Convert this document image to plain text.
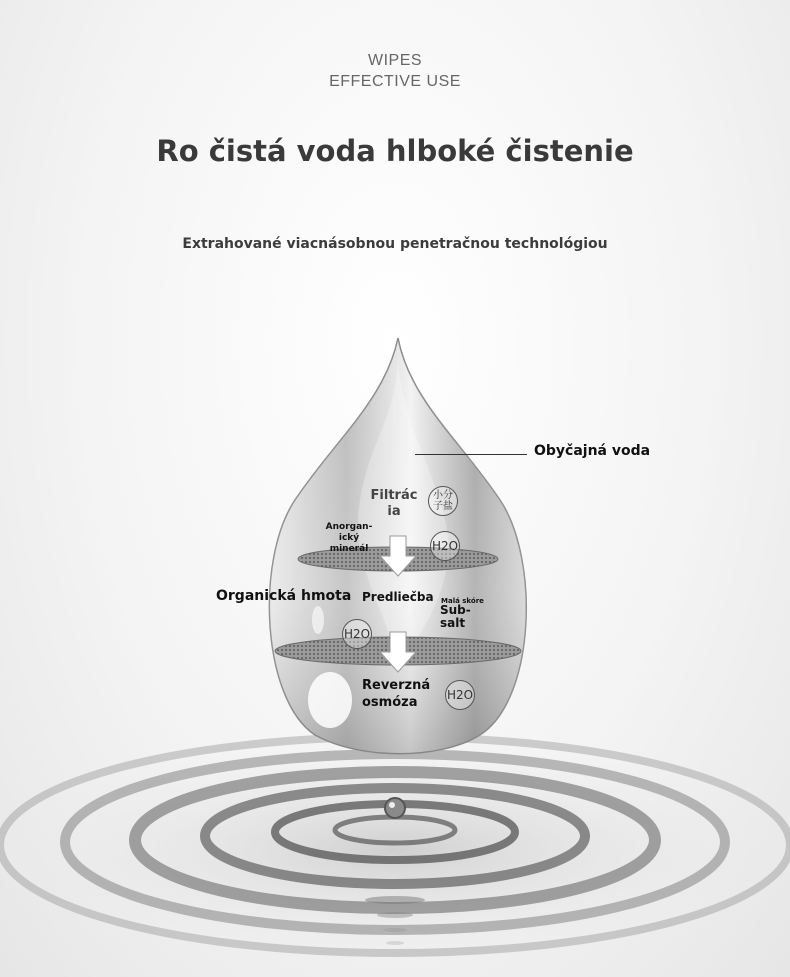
WIPES
EFFECTIVE USE
Ro čistá voda hlboké čistenie
Extrahované viacnásobnou penetračnou technológiou
Obyčajná voda
Filtrác
ia
Anorgan-
ický
minerál
Organická hmota Predliečba Malá skóre
Sub-
salt
Reverzná
osmóza
小分
子盐
H2O
H2O
H2O
